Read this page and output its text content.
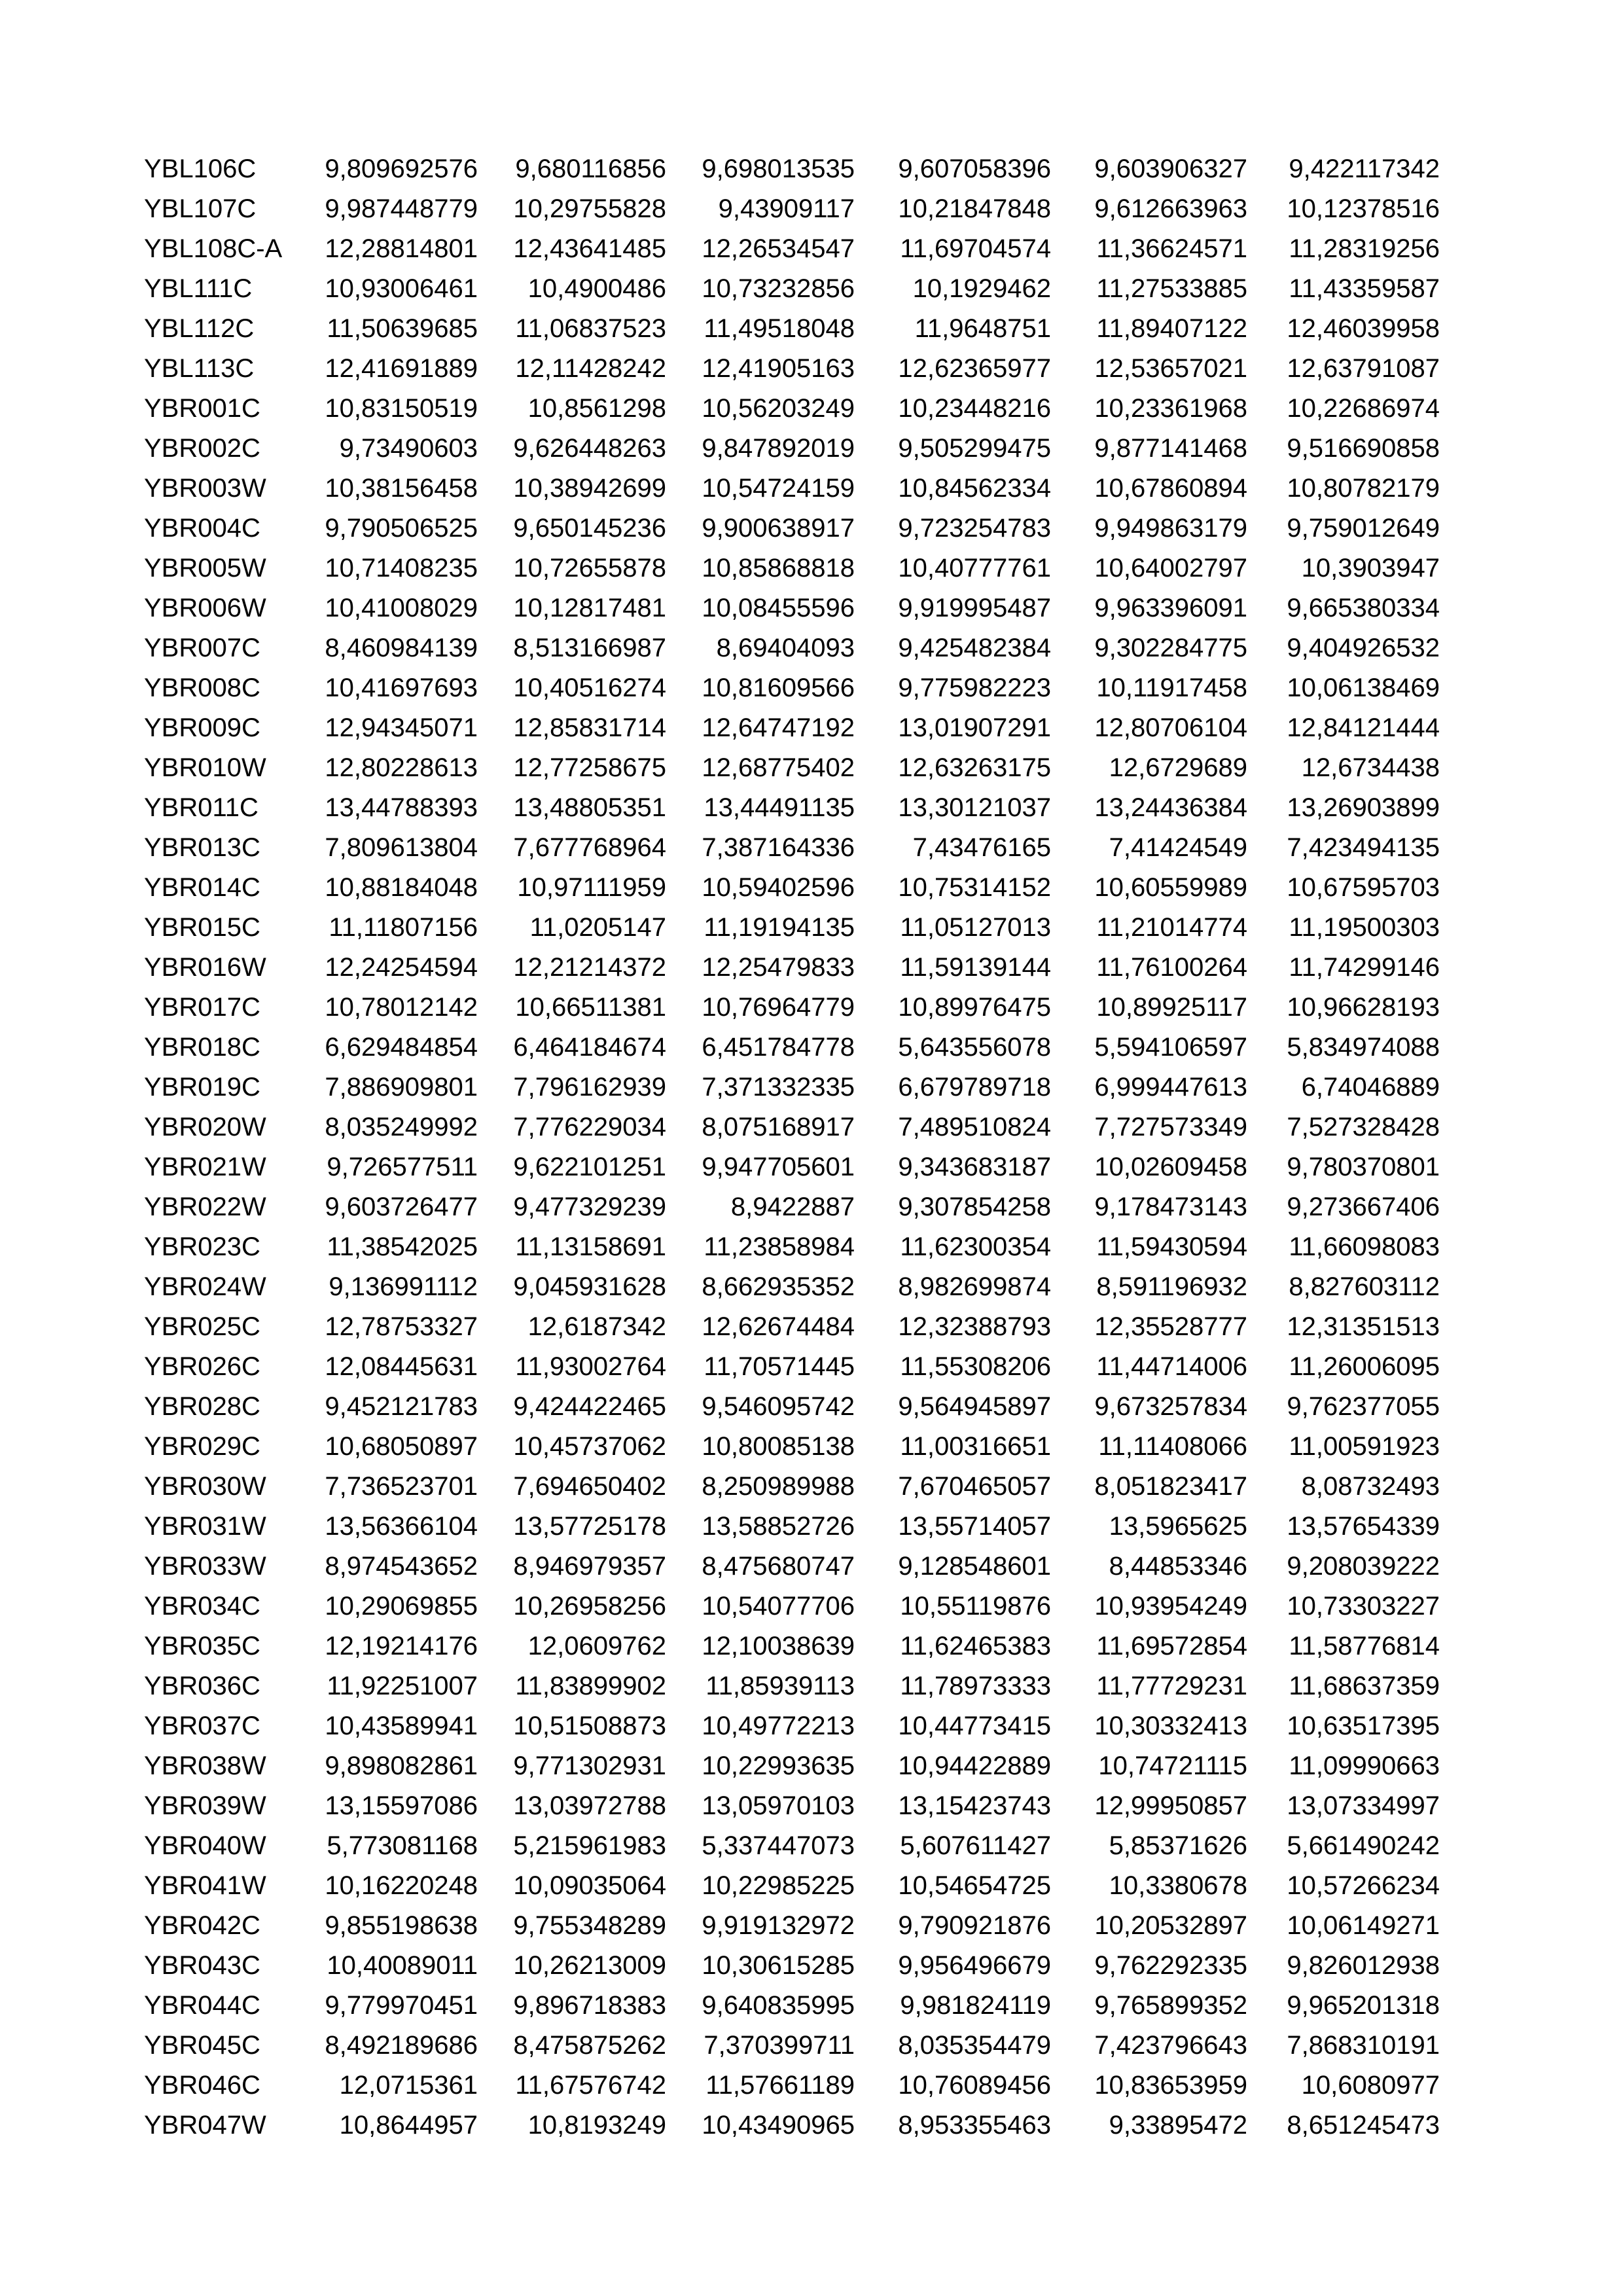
YBL106C	9,809692576	9,680116856	9,698013535	9,607058396	9,603906327	9,422117342
YBL107C	9,987448779	10,29755828	9,43909117	10,21847848	9,612663963	10,12378516
YBL108C-A	12,28814801	12,43641485	12,26534547	11,69704574	11,36624571	11,28319256
YBL111C	10,93006461	10,4900486	10,73232856	10,1929462	11,27533885	11,43359587
YBL112C	11,50639685	11,06837523	11,49518048	11,9648751	11,89407122	12,46039958
YBL113C	12,41691889	12,11428242	12,41905163	12,62365977	12,53657021	12,63791087
YBR001C	10,83150519	10,8561298	10,56203249	10,23448216	10,23361968	10,22686974
YBR002C	9,73490603	9,626448263	9,847892019	9,505299475	9,877141468	9,516690858
YBR003W	10,38156458	10,38942699	10,54724159	10,84562334	10,67860894	10,80782179
YBR004C	9,790506525	9,650145236	9,900638917	9,723254783	9,949863179	9,759012649
YBR005W	10,71408235	10,72655878	10,85868818	10,40777761	10,64002797	10,3903947
YBR006W	10,41008029	10,12817481	10,08455596	9,919995487	9,963396091	9,665380334
YBR007C	8,460984139	8,513166987	8,69404093	9,425482384	9,302284775	9,404926532
YBR008C	10,41697693	10,40516274	10,81609566	9,775982223	10,11917458	10,06138469
YBR009C	12,94345071	12,85831714	12,64747192	13,01907291	12,80706104	12,84121444
YBR010W	12,80228613	12,77258675	12,68775402	12,63263175	12,6729689	12,6734438
YBR011C	13,44788393	13,48805351	13,44491135	13,30121037	13,24436384	13,26903899
YBR013C	7,809613804	7,677768964	7,387164336	7,43476165	7,41424549	7,423494135
YBR014C	10,88184048	10,97111959	10,59402596	10,75314152	10,60559989	10,67595703
YBR015C	11,11807156	11,0205147	11,19194135	11,05127013	11,21014774	11,19500303
YBR016W	12,24254594	12,21214372	12,25479833	11,59139144	11,76100264	11,74299146
YBR017C	10,78012142	10,66511381	10,76964779	10,89976475	10,89925117	10,96628193
YBR018C	6,629484854	6,464184674	6,451784778	5,643556078	5,594106597	5,834974088
YBR019C	7,886909801	7,796162939	7,371332335	6,679789718	6,999447613	6,74046889
YBR020W	8,035249992	7,776229034	8,075168917	7,489510824	7,727573349	7,527328428
YBR021W	9,726577511	9,622101251	9,947705601	9,343683187	10,02609458	9,780370801
YBR022W	9,603726477	9,477329239	8,9422887	9,307854258	9,178473143	9,273667406
YBR023C	11,38542025	11,13158691	11,23858984	11,62300354	11,59430594	11,66098083
YBR024W	9,136991112	9,045931628	8,662935352	8,982699874	8,591196932	8,827603112
YBR025C	12,78753327	12,6187342	12,62674484	12,32388793	12,35528777	12,31351513
YBR026C	12,08445631	11,93002764	11,70571445	11,55308206	11,44714006	11,26006095
YBR028C	9,452121783	9,424422465	9,546095742	9,564945897	9,673257834	9,762377055
YBR029C	10,68050897	10,45737062	10,80085138	11,00316651	11,11408066	11,00591923
YBR030W	7,736523701	7,694650402	8,250989988	7,670465057	8,051823417	8,08732493
YBR031W	13,56366104	13,57725178	13,58852726	13,55714057	13,5965625	13,57654339
YBR033W	8,974543652	8,946979357	8,475680747	9,128548601	8,44853346	9,208039222
YBR034C	10,29069855	10,26958256	10,54077706	10,55119876	10,93954249	10,73303227
YBR035C	12,19214176	12,0609762	12,10038639	11,62465383	11,69572854	11,58776814
YBR036C	11,92251007	11,83899902	11,85939113	11,78973333	11,77729231	11,68637359
YBR037C	10,43589941	10,51508873	10,49772213	10,44773415	10,30332413	10,63517395
YBR038W	9,898082861	9,771302931	10,22993635	10,94422889	10,74721115	11,09990663
YBR039W	13,15597086	13,03972788	13,05970103	13,15423743	12,99950857	13,07334997
YBR040W	5,773081168	5,215961983	5,337447073	5,607611427	5,85371626	5,661490242
YBR041W	10,16220248	10,09035064	10,22985225	10,54654725	10,3380678	10,57266234
YBR042C	9,855198638	9,755348289	9,919132972	9,790921876	10,20532897	10,06149271
YBR043C	10,40089011	10,26213009	10,30615285	9,956496679	9,762292335	9,826012938
YBR044C	9,779970451	9,896718383	9,640835995	9,981824119	9,765899352	9,965201318
YBR045C	8,492189686	8,475875262	7,370399711	8,035354479	7,423796643	7,868310191
YBR046C	12,0715361	11,67576742	11,57661189	10,76089456	10,83653959	10,6080977
YBR047W	10,8644957	10,8193249	10,43490965	8,953355463	9,33895472	8,651245473
